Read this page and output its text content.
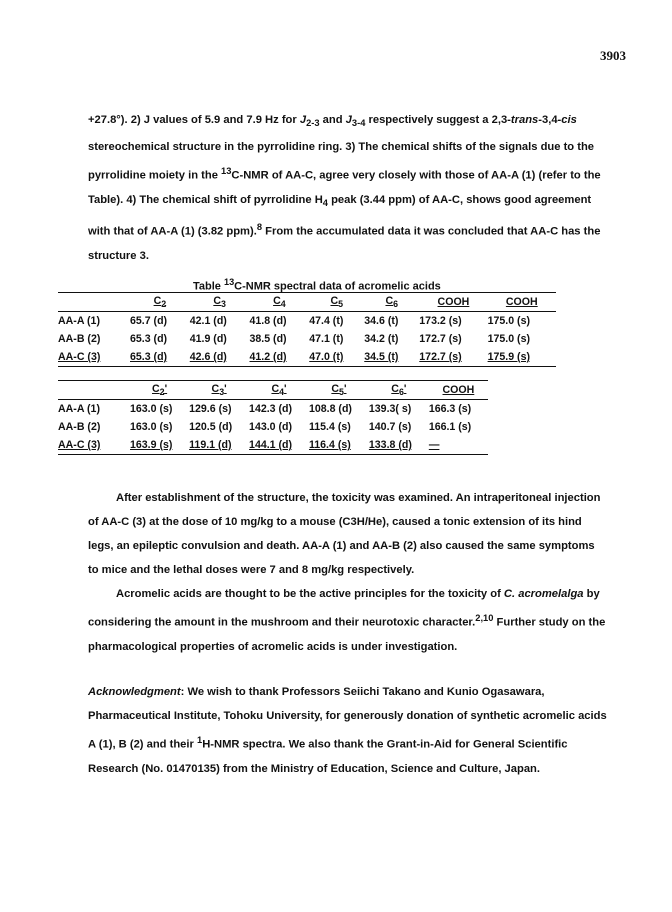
3903

+27.8°). 2) J values of 5.9 and 7.9 Hz for $J_{2-3}$ and $J_{3-4}$ respectively suggest a 2,3-trans-3,4-cis stereochemical structure in the pyrrolidine ring. 3) The chemical shifts of the signals due to the pyrrolidine moiety in the $^{13}$C-NMR of AA-C, agree very closely with those of AA-A (1) (refer to the Table). 4) The chemical shift of pyrrolidine $H_4$ peak (3.44 ppm) of AA-C, shows good agreement with that of AA-A (1) (3.82 ppm).$^8$ From the accumulated data it was concluded that AA-C has the structure 3.

Table $^{13}$C-NMR spectral data of acromelic acids
	$C_2$	$C_3$	$C_4$	$C_5$	$C_6$	COOH	COOH
AA-A (1)	65.7 (d)	42.1 (d)	41.8 (d)	47.4 (t)	34.6 (t)	173.2 (s)	175.0 (s)
AA-B (2)	65.3 (d)	41.9 (d)	38.5 (d)	47.1 (t)	34.2 (t)	172.7 (s)	175.0 (s)
AA-C (3)	65.3 (d)	42.6 (d)	41.2 (d)	47.0 (t)	34.5 (t)	172.7 (s)	175.9 (s)
	$C_2'$	$C_3'$	$C_4'$	$C_5'$	$C_6'$	COOH
AA-A (1)	163.0 (s)	129.6 (s)	142.3 (d)	108.8 (d)	139.3( s)	166.3 (s)
AA-B (2)	163.0 (s)	120.5 (d)	143.0 (d)	115.4 (s)	140.7 (s)	166.1 (s)
AA-C (3)	163.9 (s)	119.1 (d)	144.1 (d)	116.4 (s)	133.8 (d)	—

After establishment of the structure, the toxicity was examined. An intraperitoneal injection of AA-C (3) at the dose of 10 mg/kg to a mouse (C3H/He), caused a tonic extension of its hind legs, an epileptic convulsion and death. AA-A (1) and AA-B (2) also caused the same symptoms to mice and the lethal doses were 7 and 8 mg/kg respectively.

Acromelic acids are thought to be the active principles for the toxicity of C. acromelalga by considering the amount in the mushroom and their neurotoxic character.$^{2,10}$ Further study on the pharmacological properties of acromelic acids is under investigation.

Acknowledgment: We wish to thank Professors Seiichi Takano and Kunio Ogasawara, Pharmaceutical Institute, Tohoku University, for generously donation of synthetic acromelic acids A (1), B (2) and their $^1$H-NMR spectra. We also thank the Grant-in-Aid for General Scientific Research (No. 01470135) from the Ministry of Education, Science and Culture, Japan.
